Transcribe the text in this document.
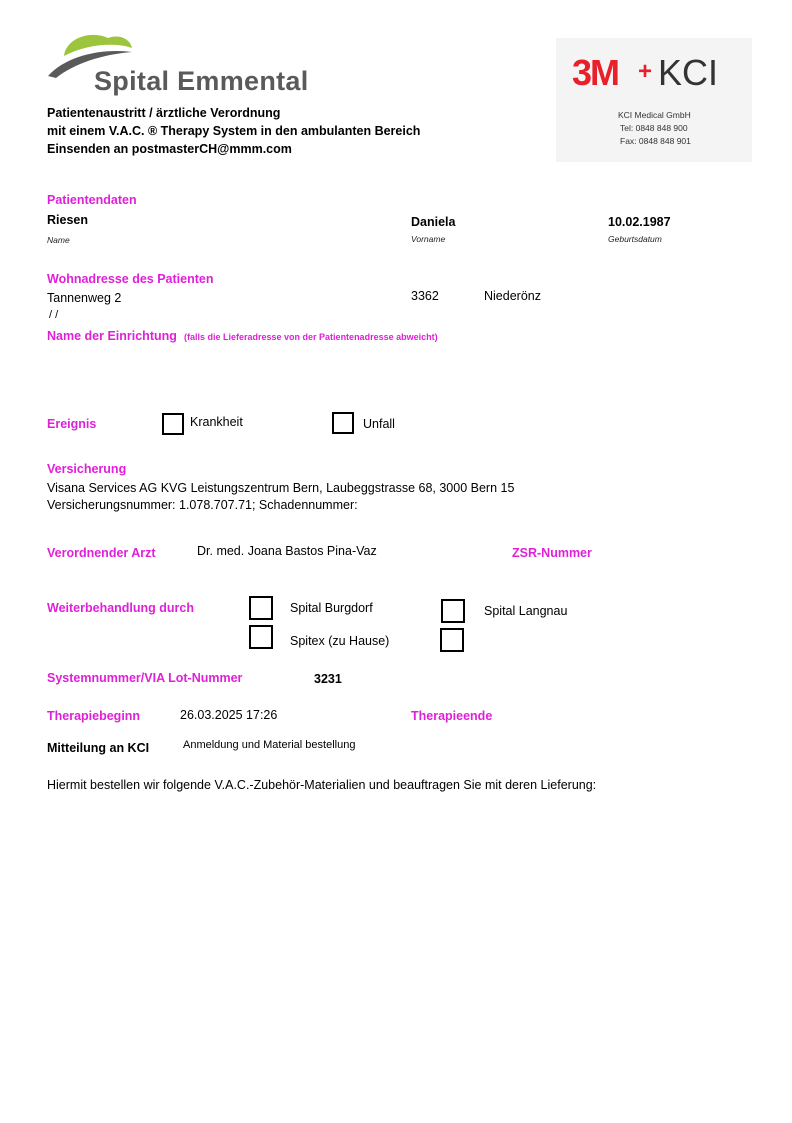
Spital Emmental	3M + KCI
KCI Medical GmbH
Tel: 0848 848 900
Fax: 0848 848 901
Patientenaustritt / ärztliche Verordnung
mit einem V.A.C. ® Therapy System in den ambulanten Bereich
Einsenden an postmasterCH@mmm.com
Patientendaten
Riesen
Name
Daniela
Vorname
10.02.1987
Geburtsdatum
Wohnadresse des Patienten
Tannenweg 2	3362	Niederönz
/ /
Name der Einrichtung (falls die Lieferadresse von der Patientenadresse abweicht)
Ereignis	Krankheit	Unfall
Versicherung
Visana Services AG KVG Leistungszentrum Bern, Laubeggstrasse 68, 3000 Bern 15
Versicherungsnummer: 1.078.707.71; Schadennummer:
Verordnender Arzt	Dr. med. Joana Bastos Pina-Vaz	ZSR-Nummer
Weiterbehandlung durch	Spital Burgdorf	Spital Langnau
Spitex (zu Hause)
Systemnummer/VIA Lot-Nummer	3231
Therapiebeginn	26.03.2025 17:26	Therapieende
Mitteilung an KCI	Anmeldung und Material bestellung
Hiermit bestellen wir folgende V.A.C.-Zubehör-Materialien und beauftragen Sie mit deren Lieferung:
